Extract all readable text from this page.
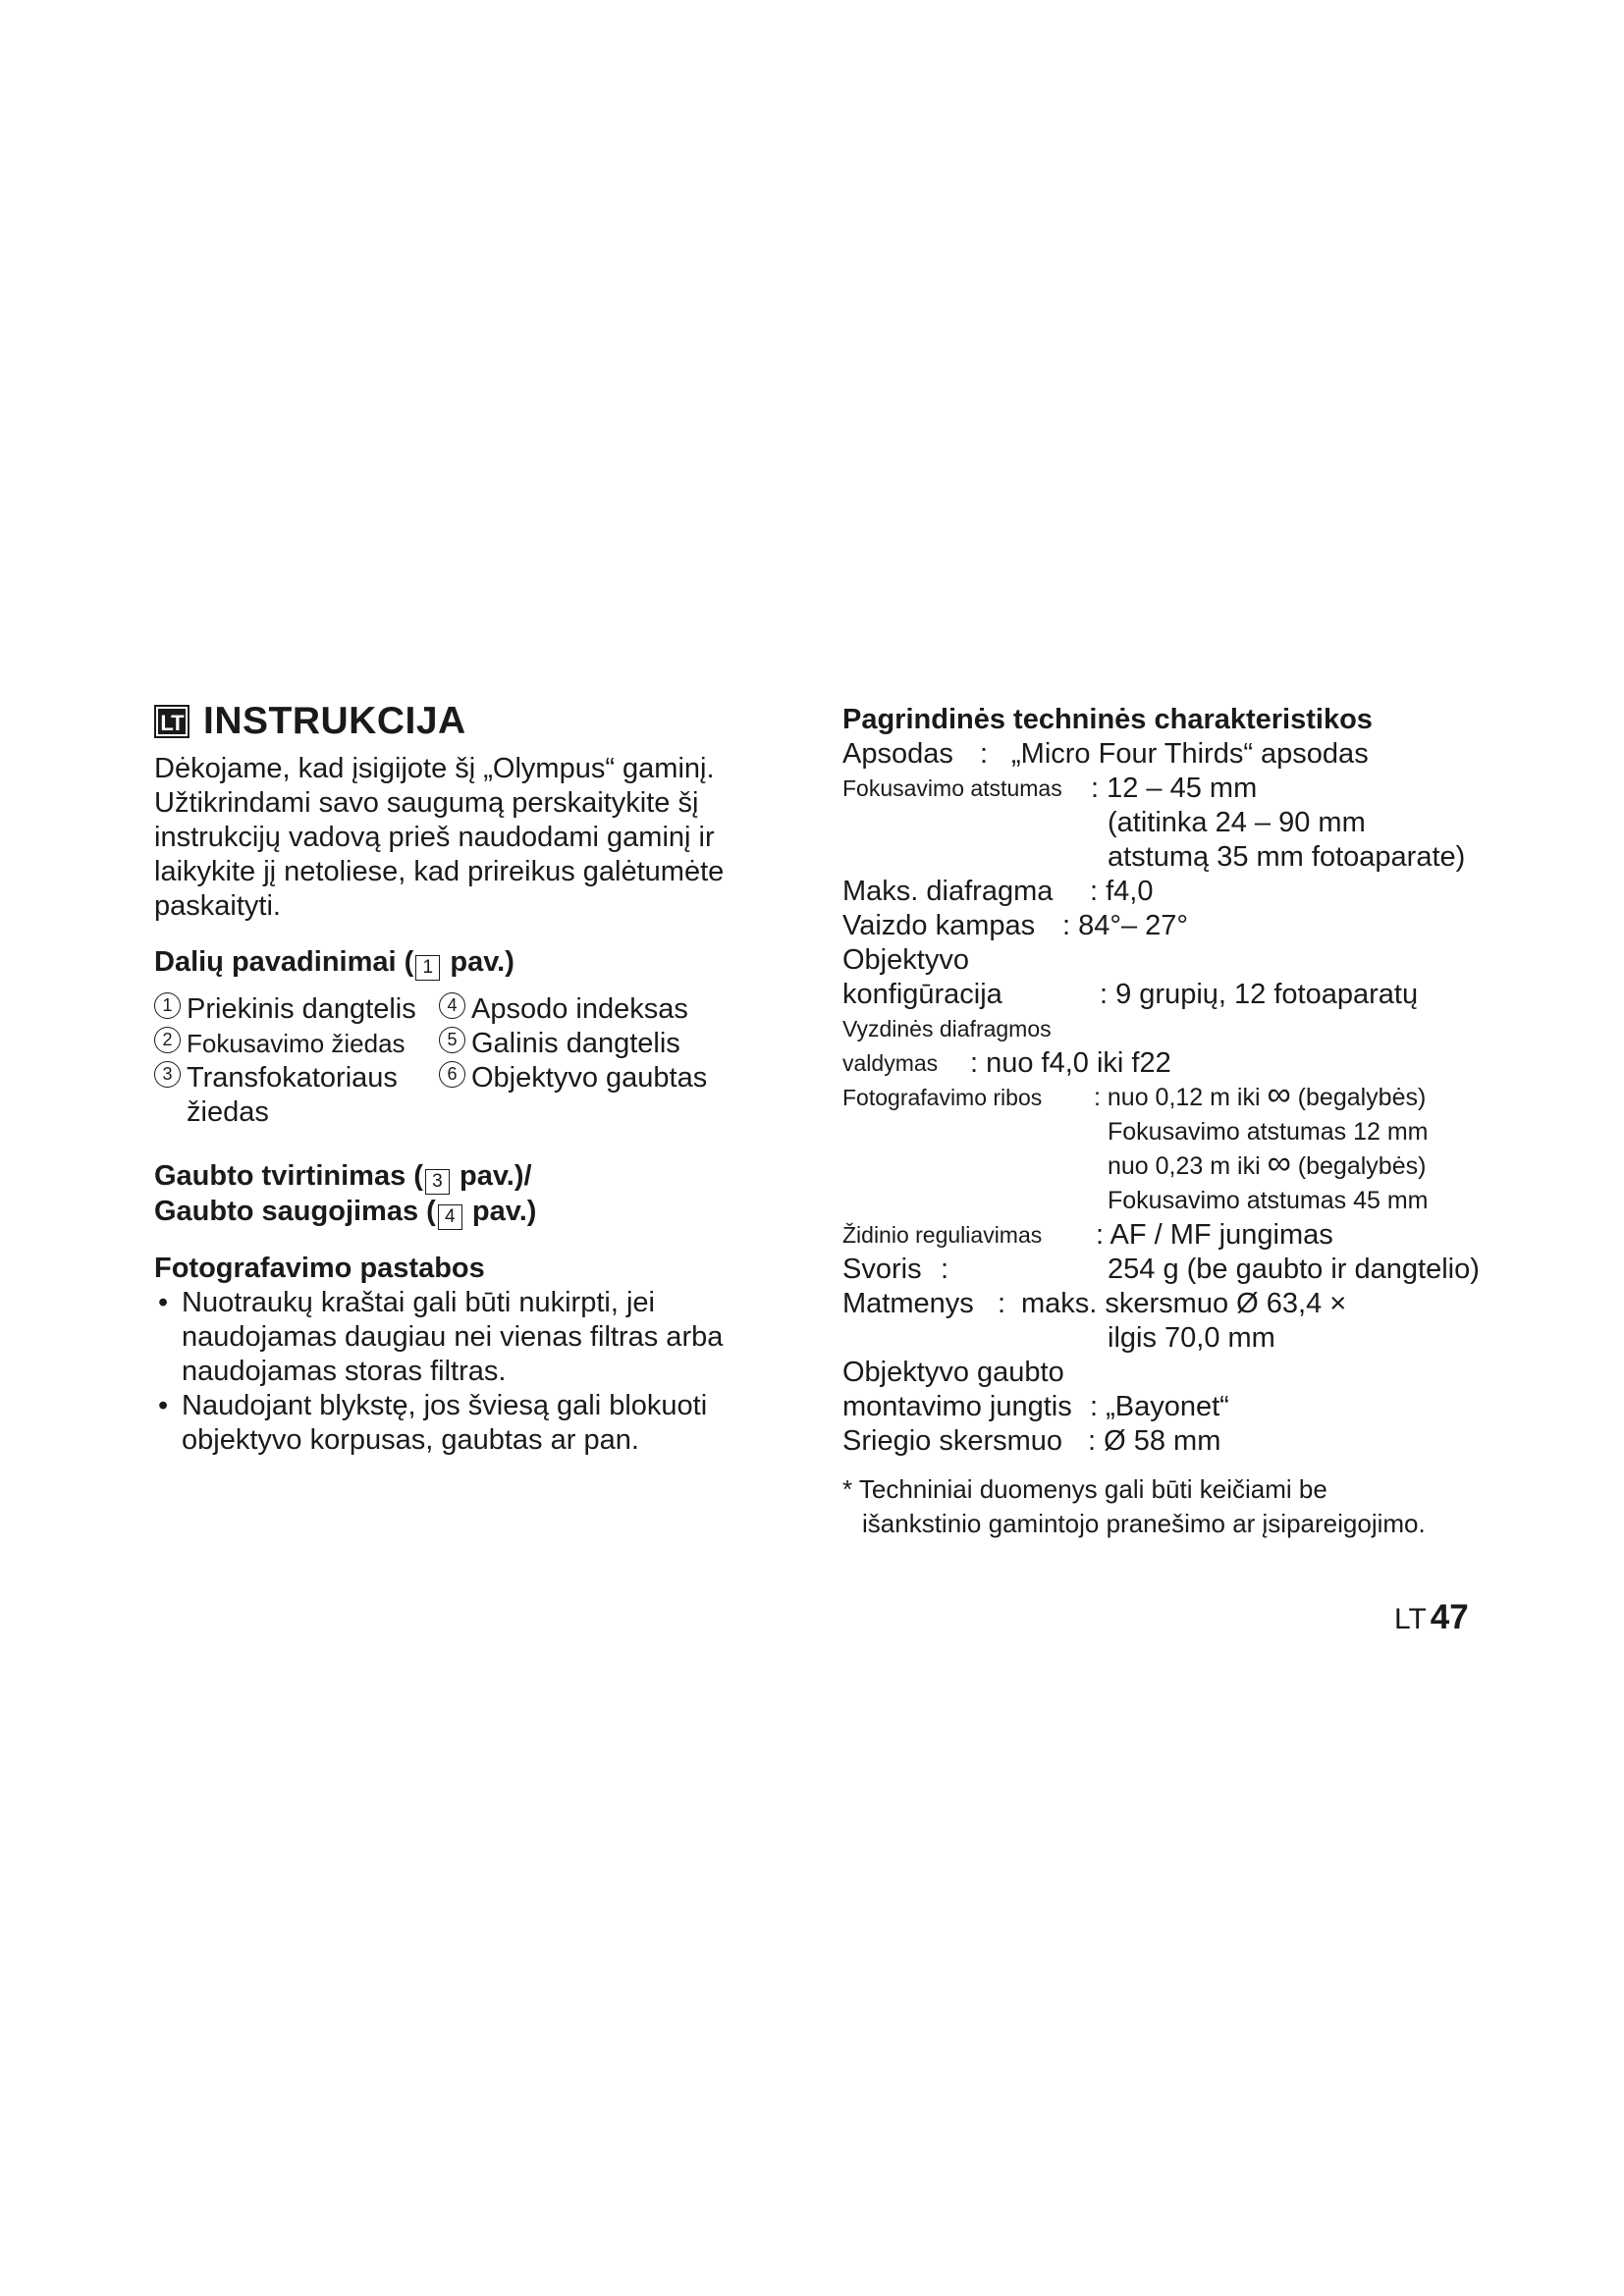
LT INSTRUKCIJA

Dėkojame, kad įsigijote šį „Olympus“ gaminį.

Užtikrindami savo saugumą perskaitykite šį

instrukcijų vadovą prieš naudodami gaminį ir

laikykite jį netoliese, kad prireikus galėtumėte

paskaityti.

Dalių pavadinimai ( 1 pav.)

1 Priekinis dangtelis	4 Apsodo indeksas
2 Fokusavimo žiedas	5 Galinis dangtelis
3 Transfokatoriaus žiedas
6 Objektyvo gaubtas

Gaubto tvirtinimas ( 3 pav.)/

Gaubto saugojimas ( 4 pav.)

Fotografavimo pastabos

• Nuotraukų kraštai gali būti nukirpti, jei
naudojamas daugiau nei vienas filtras arba
naudojamas storas filtras.
• Naudojant blykstę, jos šviesą gali blokuoti
objektyvo korpusas, gaubtas ar pan.

Pagrindinės techninės charakteristikos

Apsodas : „Micro Four Thirds“ apsodas
Fokusavimo atstumas : 12 – 45 mm
(atitinka 24 – 90 mm
atstumą 35 mm fotoaparate)
Maks. diafragma : f4,0
Vaizdo kampas : 84°– 27°
Objektyvo
konfigūracija	: 9 grupių, 12 fotoaparatų
Vyzdinės diafragmos
valdymas : nuo f4,0 iki f22
Fotografavimo ribos : nuo 0,12 m iki ∞ (begalybės)
Fokusavimo atstumas 12 mm
nuo 0,23 m iki ∞ (begalybės)
Fokusavimo atstumas 45 mm
Židinio reguliavimas : AF / MF jungimas
Svoris :	254 g (be gaubto ir dangtelio)
Matmenys : maks. skersmuo Ø 63,4 ×
ilgis 70,0 mm
Objektyvo gaubto
montavimo jungtis : „Bayonet“
Sriegio skersmuo : Ø 58 mm
* Techniniai duomenys gali būti keičiami be
išankstinio gamintojo pranešimo ar įsipareigojimo.
LT 47
